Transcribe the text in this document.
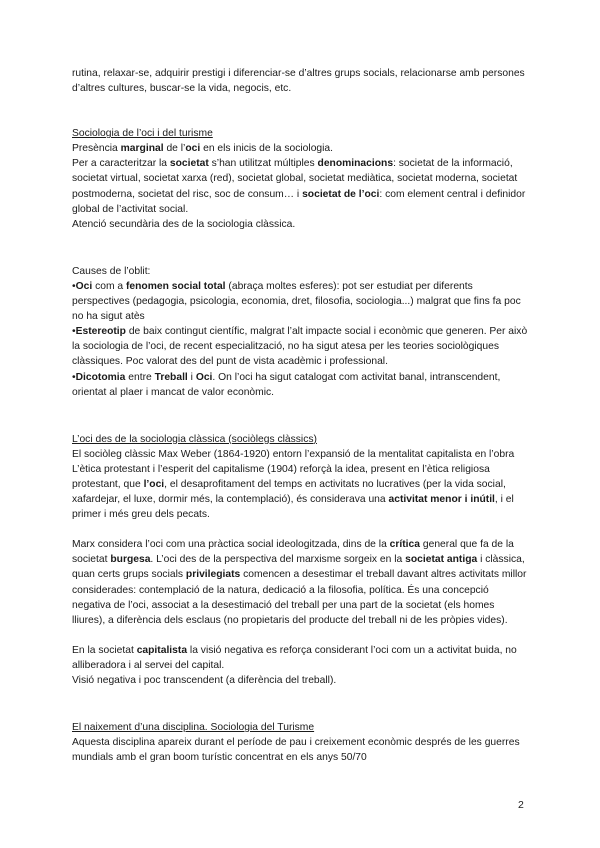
rutina, relaxar-se, adquirir prestigi i diferenciar-se d’altres grups socials, relacionarse amb persones d’altres cultures, buscar-se la vida, negocis, etc.

Sociologia de l’oci i del turisme

Presència marginal de l’oci en els inicis de la sociologia.

Per a caracteritzar la societat s’han utilitzat múltiples denominacions: societat de la informació, societat virtual, societat xarxa (red), societat global, societat mediàtica, societat moderna, societat postmoderna, societat del risc, soc de consum… i societat de l’oci: com element central i definidor global de l’activitat social.

Atenció secundària des de la sociologia clàssica.

Causes de l’oblit:

•Oci com a fenomen social total (abraça moltes esferes): pot ser estudiat per diferents perspectives (pedagogia, psicologia, economia, dret, filosofia, sociologia...) malgrat que fins fa poc no ha sigut atès

•Estereotip de baix contingut científic, malgrat l’alt impacte social i econòmic que generen. Per això la sociologia de l’oci, de recent especialització, no ha sigut atesa per les teories sociològiques clàssiques. Poc valorat des del punt de vista acadèmic i professional.

•Dicotomia entre Treball i Oci. On l’oci ha sigut catalogat com activitat banal, intranscendent, orientat al plaer i mancat de valor econòmic.

L’oci des de la sociologia clàssica (sociòlegs clàssics)

El sociòleg clàssic Max Weber (1864-1920) entorn l’expansió de la mentalitat capitalista en l’obra L’ètica protestant i l’esperit del capitalisme (1904) reforçà la idea, present en l’ètica religiosa protestant, que l’oci, el desaprofitament del temps en activitats no lucratives (per la vida social, xafardejar, el luxe, dormir més, la contemplació), és considerava una activitat menor i inútil, i el primer i més greu dels pecats.

Marx considera l’oci com una pràctica social ideologitzada, dins de la crítica general que fa de la societat burgesa. L’oci des de la perspectiva del marxisme sorgeix en la societat antiga i clàssica, quan certs grups socials privilegiats comencen a desestimar el treball davant altres activitats millor considerades: contemplació de la natura, dedicació a la filosofia, política. És una concepció negativa de l’oci, associat a la desestimació del treball per una part de la societat (els homes lliures), a diferència dels esclaus (no propietaris del producte del treball ni de les pròpies vides).

En la societat capitalista la visió negativa es reforça considerant l’oci com un a activitat buida, no alliberadora i al servei del capital.

Visió negativa i poc transcendent (a diferència del treball).

El naixement d’una disciplina. Sociologia del Turisme

Aquesta disciplina apareix durant el període de pau i creixement econòmic després de les guerres mundials amb el gran boom turístic concentrat en els anys 50/70

2
